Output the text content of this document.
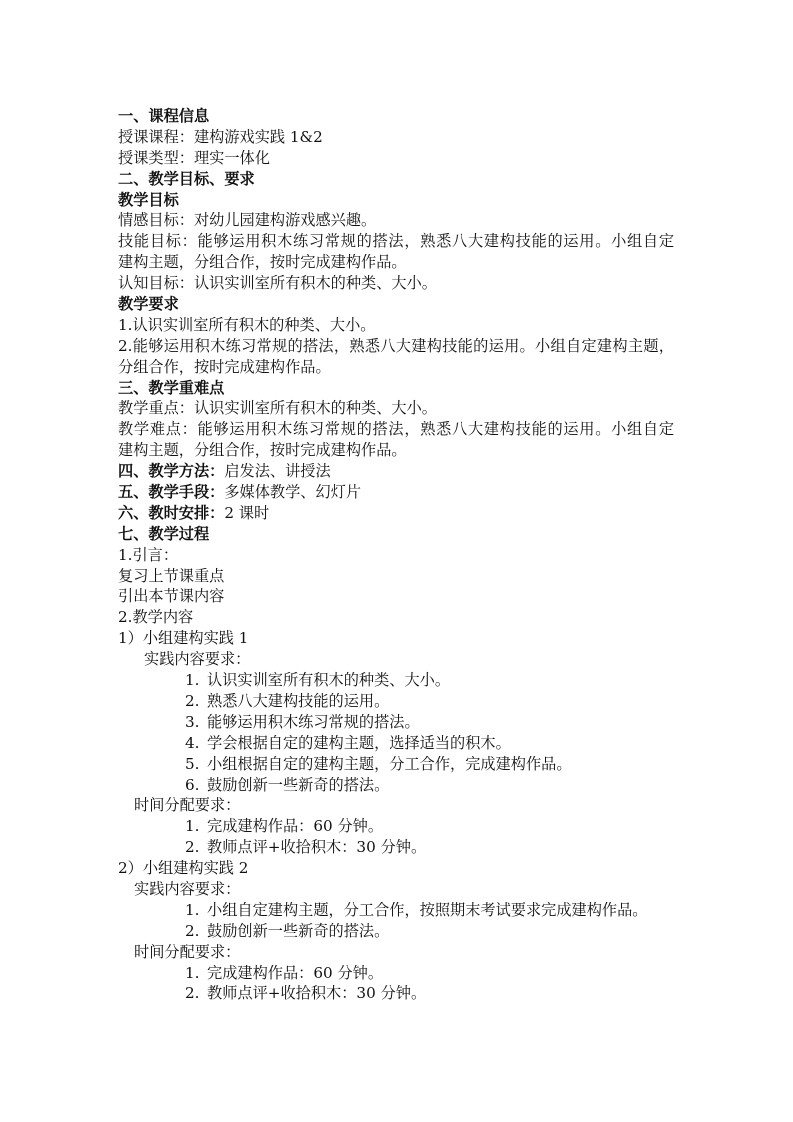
一、课程信息
授课课程：建构游戏实践 1&2
授课类型：理实一体化
二、教学目标、要求
教学目标
情感目标：对幼儿园建构游戏感兴趣。
技能目标：能够运用积木练习常规的搭法，熟悉八大建构技能的运用。小组自定
建构主题，分组合作，按时完成建构作品。
认知目标：认识实训室所有积木的种类、大小。
教学要求
1.认识实训室所有积木的种类、大小。
2.能够运用积木练习常规的搭法，熟悉八大建构技能的运用。小组自定建构主题，
分组合作，按时完成建构作品。
三、教学重难点
教学重点：认识实训室所有积木的种类、大小。
教学难点：能够运用积木练习常规的搭法，熟悉八大建构技能的运用。小组自定
建构主题，分组合作，按时完成建构作品。
四、教学方法：启发法、讲授法
五、教学手段：多媒体教学、幻灯片
六、教时安排：2 课时
七、教学过程
1.引言：
复习上节课重点
引出本节课内容
2.教学内容
1）小组建构实践 1
实践内容要求：
1. 认识实训室所有积木的种类、大小。
2. 熟悉八大建构技能的运用。
3. 能够运用积木练习常规的搭法。
4. 学会根据自定的建构主题，选择适当的积木。
5. 小组根据自定的建构主题，分工合作，完成建构作品。
6. 鼓励创新一些新奇的搭法。
时间分配要求：
1. 完成建构作品：60 分钟。
2. 教师点评+收拾积木：30 分钟。
2）小组建构实践 2
实践内容要求：
1. 小组自定建构主题，分工合作，按照期末考试要求完成建构作品。
2. 鼓励创新一些新奇的搭法。
时间分配要求：
1. 完成建构作品：60 分钟。
2. 教师点评+收拾积木：30 分钟。
